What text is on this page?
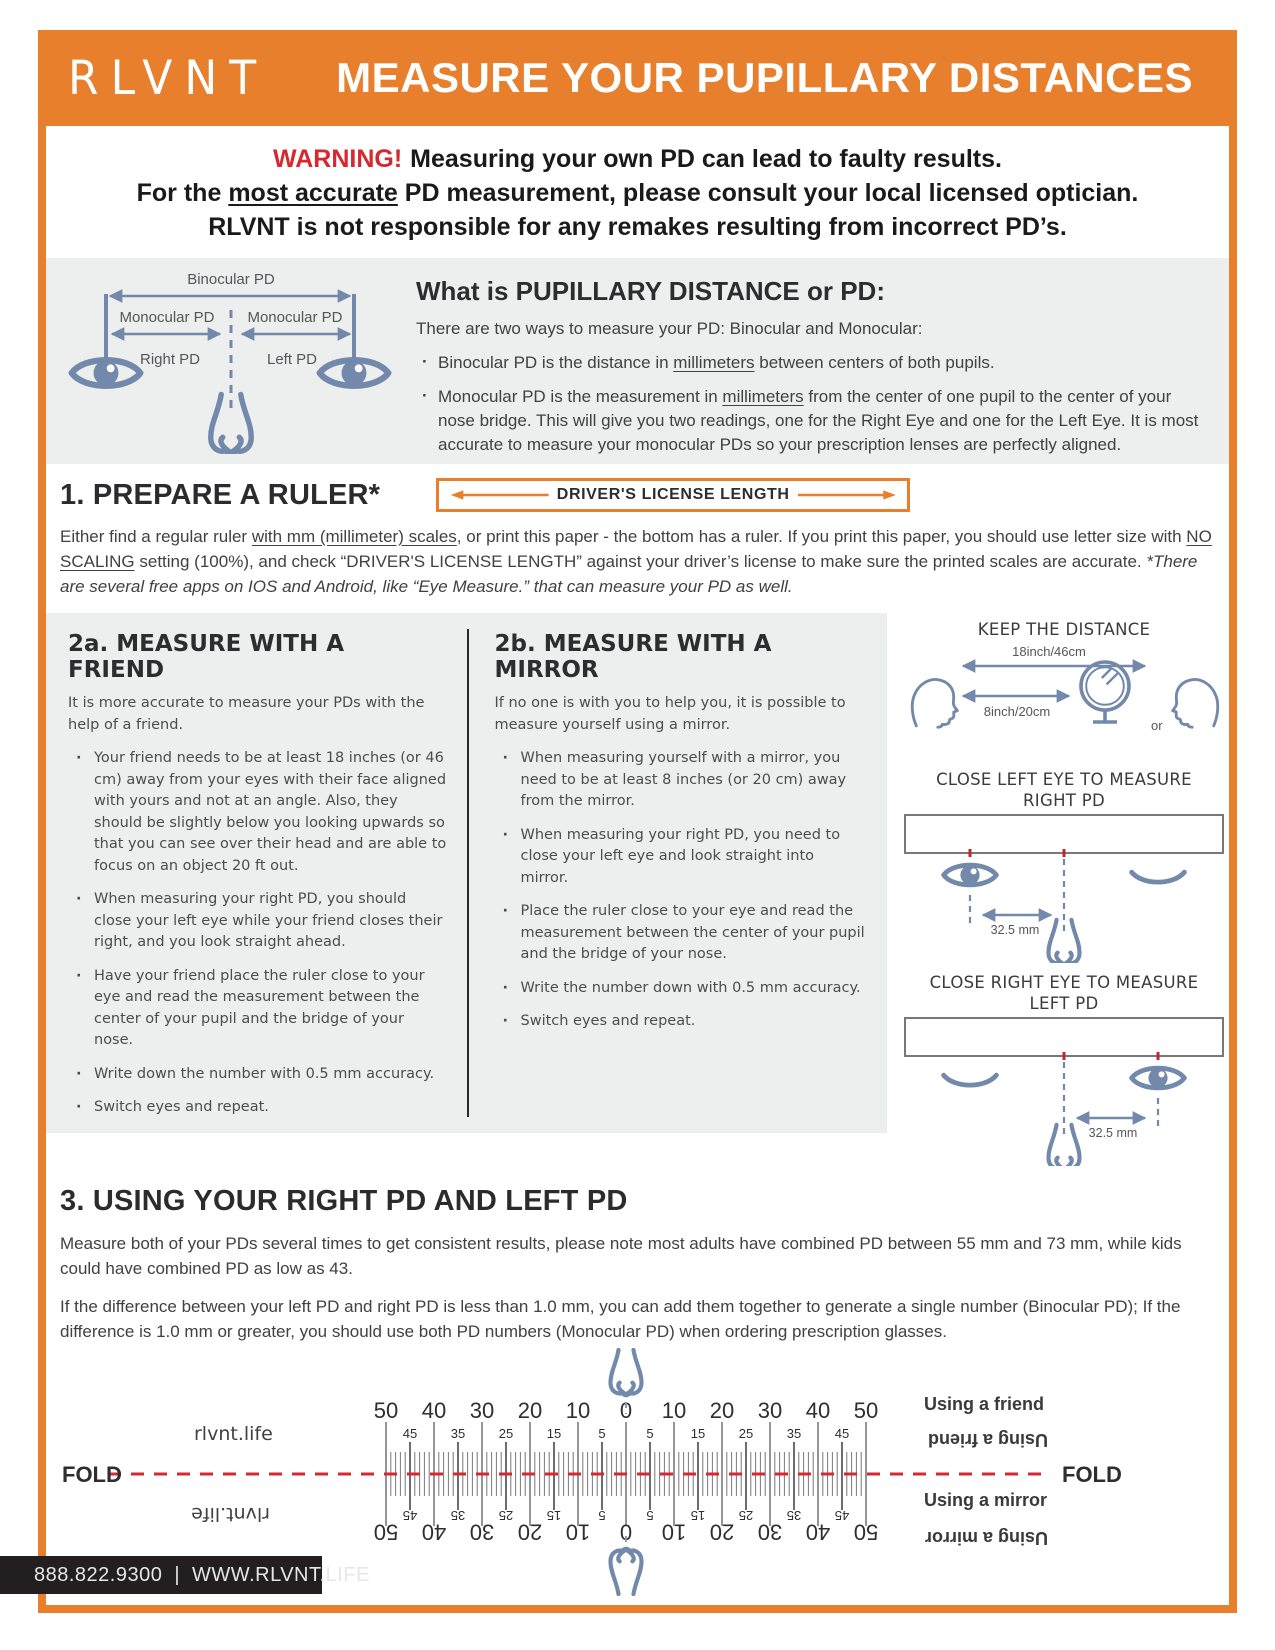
RLVNT MEASURE YOUR PUPILLARY DISTANCES
WARNING! Measuring your own PD can lead to faulty results.
For the most accurate PD measurement, please consult your local licensed optician.
RLVNT is not responsible for any remakes resulting from incorrect PD’s.
Binocular PD
Monocular PD Monocular PD
Right PD	Left PD
What is PUPILLARY DISTANCE or PD:
There are two ways to measure your PD: Binocular and Monocular:
· Binocular PD is the distance in millimeters between centers of both pupils.
· Monocular PD is the measurement in millimeters from the center of one pupil to the center of your nose bridge. This will give you two readings, one for the Right Eye and one for the Left Eye. It is most accurate to measure your monocular PDs so your prescription lenses are perfectly aligned.
1. PREPARE A RULER*	DRIVER'S LICENSE LENGTH

Either find a regular ruler with mm (millimeter) scales, or print this paper - the bottom has a ruler. If you print this paper, you should use letter size with NO SCALING setting (100%), and check “DRIVER'S LICENSE LENGTH” against your driver’s license to make sure the printed scales are accurate. *There are several free apps on IOS and Android, like “Eye Measure.” that can measure your PD as well.

2a. MEASURE WITH A FRIEND
It is more accurate to measure your PDs with the help of a friend.
· Your friend needs to be at least 18 inches (or 46 cm) away from your eyes with their face aligned with yours and not at an angle. Also, they should be slightly below you looking upwards so that you can see over their head and are able to focus on an object 20 ft out.
· When measuring your right PD, you should close your left eye while your friend closes their right, and you look straight ahead.
· Have your friend place the ruler close to your eye and read the measurement between the center of your pupil and the bridge of your nose.
· Write down the number with 0.5 mm accuracy.
· Switch eyes and repeat.
2b. MEASURE WITH A MIRROR
If no one is with you to help you, it is possible to measure yourself using a mirror.
· When measuring yourself with a mirror, you need to be at least 8 inches (or 20 cm) away from the mirror.
· When measuring your right PD, you need to close your left eye and look straight into mirror.
· Place the ruler close to your eye and read the measurement between the center of your pupil and the bridge of your nose.
· Write the number down with 0.5 mm accuracy.
· Switch eyes and repeat.
KEEP THE DISTANCE
18inch/46cm
8inch/20cm
or
CLOSE LEFT EYE TO MEASURE
RIGHT PD
32.5 mm
CLOSE RIGHT EYE TO MEASURE
LEFT PD
32.5 mm
3. USING YOUR RIGHT PD AND LEFT PD

Measure both of your PDs several times to get consistent results, please note most adults have combined PD between 55 mm and 73 mm, while kids could have combined PD as low as 43.

If the difference between your left PD and right PD is less than 1.0 mm, you can add them together to generate a single number (Binocular PD); If the difference is 1.0 mm or greater, you should use both PD numbers (Monocular PD) when ordering prescription glasses.

50
50
45
45
40
40
35
35
30
30
25
25
20
20
15
15
10
10
5
5
0
0
5
5
10
10
15
15
20
20
25
25
30
30
35
35
40
40
45
45
50
50
rlvnt.life
rlvnt.life
FOLD	FOLD
Using a friend
Using a friend
Using a mirror
Using a mirror
888.822.9300 | WWW.RLVNT.LIFE
